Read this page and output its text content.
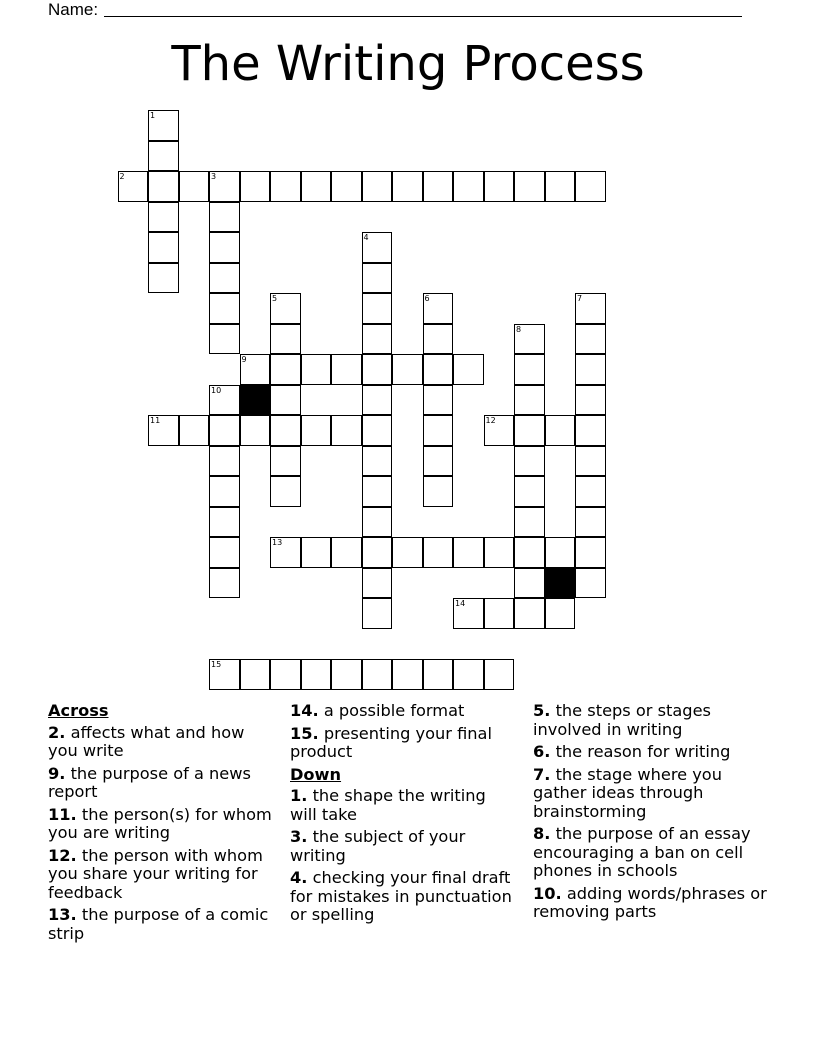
Name:
The Writing Process
1
2	3
4
5	6	7
8
9
10
11	12
13
14
15
Across
2. affects what and how you write
9. the purpose of a news report
11. the person(s) for whom you are writing
12. the person with whom you share your writing for feedback
13. the purpose of a comic strip
14. a possible format
15. presenting your final product
Down
1. the shape the writing will take
3. the subject of your writing
4. checking your final draft for mistakes in punctuation or spelling
5. the steps or stages involved in writing
6. the reason for writing
7. the stage where you gather ideas through brainstorming
8. the purpose of an essay encouraging a ban on cell phones in schools
10. adding words/phrases or removing parts
